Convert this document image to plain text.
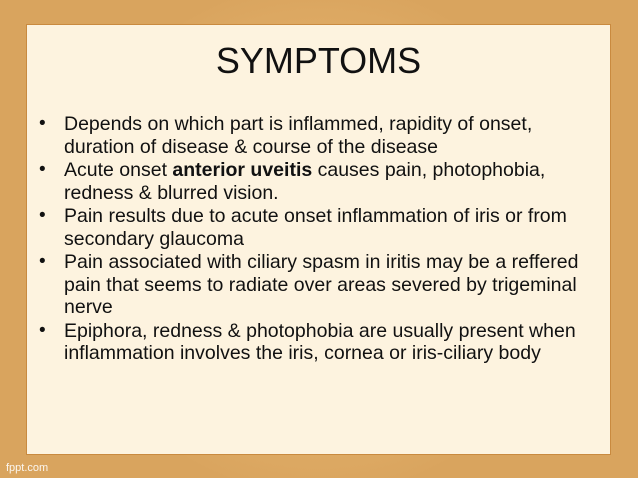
SYMPTOMS
• Depends on which part is inflammed, rapidity of onset, duration of disease & course of the disease
• Acute onset anterior uveitis causes pain, photophobia, redness & blurred vision.
• Pain results due to acute onset inflammation of iris or from secondary glaucoma
• Pain associated with ciliary spasm in iritis may be a reffered pain that seems to radiate over areas severed by trigeminal nerve
• Epiphora, redness & photophobia are usually present when inflammation involves the iris, cornea or iris-ciliary body
fppt.com
